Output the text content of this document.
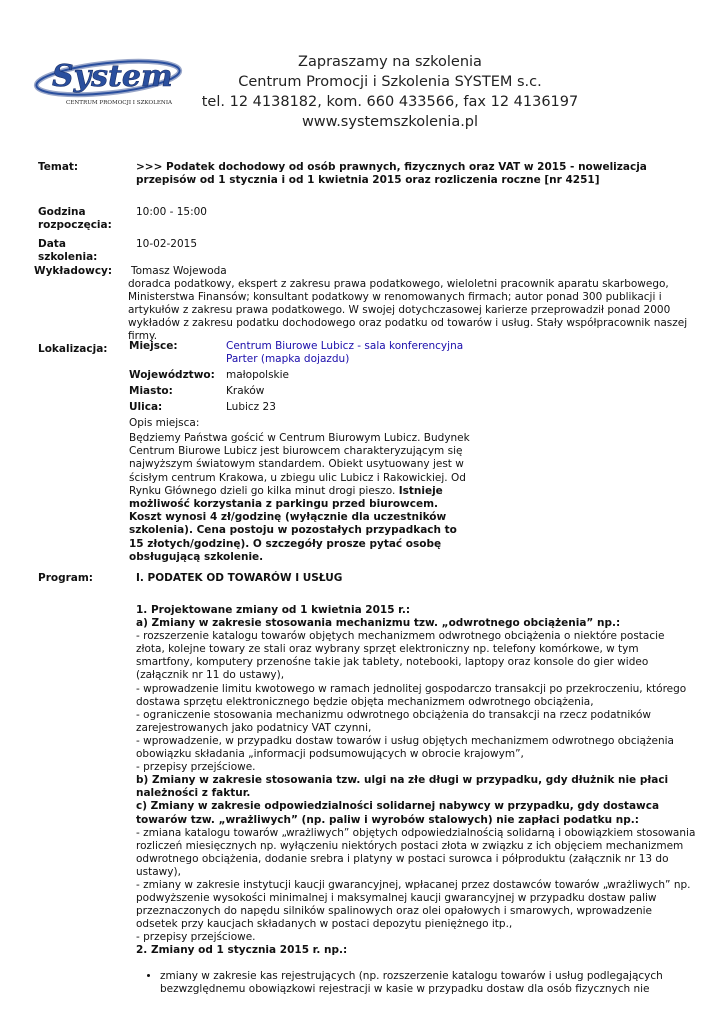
System
CENTRUM PROMOCJI I SZKOLENIA
Zapraszamy na szkolenia
Centrum Promocji i Szkolenia SYSTEM s.c.
tel. 12 4138182, kom. 660 433566, fax 12 4136197
www.systemszkolenia.pl
Temat:	>>> Podatek dochodowy od osób prawnych, fizycznych oraz VAT w 2015 - nowelizacja przepisów od 1 stycznia i od 1 kwietnia 2015 oraz rozliczenia roczne [nr 4251]
Godzina
rozpoczęcia:
10:00 - 15:00
Data
szkolenia:
10-02-2015
Wykładowcy: Tomasz Wojewoda
doradca podatkowy, ekspert z zakresu prawa podatkowego, wieloletni pracownik aparatu skarbowego, Ministerstwa Finansów; konsultant podatkowy w renomowanych firmach; autor ponad 300 publikacji i artykułów z zakresu prawa podatkowego. W swojej dotychczasowej karierze przeprowadził ponad 2000 wykładów z zakresu podatku dochodowego oraz podatku od towarów i usług. Stały współpracownik naszej firmy.
Lokalizacja: Miejsce:	Centrum Biurowe Lubicz - sala konferencyjna
Parter (mapka dojazdu)
Województwo: małopolskie
Miasto:	Kraków
Ulica:	Lubicz 23
Opis miejsca:
Będziemy Państwa gościć w Centrum Biurowym Lubicz. Budynek Centrum Biurowe Lubicz jest biurowcem charakteryzującym się najwyższym światowym standardem. Obiekt usytuowany jest w ścisłym centrum Krakowa, u zbiegu ulic Lubicz i Rakowickiej. Od Rynku Głównego dzieli go kilka minut drogi pieszo. Istnieje możliwość korzystania z parkingu przed biurowcem. Koszt wynosi 4 zł/godzinę (wyłącznie dla uczestników szkolenia). Cena postoju w pozostałych przypadkach to 15 złotych/godzinę). O szczegóły prosze pytać osobę obsługującą szkolenie.
Program:	I. PODATEK OD TOWARÓW I USŁUG

1. Projektowane zmiany od 1 kwietnia 2015 r.:

a) Zmiany w zakresie stosowania mechanizmu tzw. „odwrotnego obciążenia” np.:

- rozszerzenie katalogu towarów objętych mechanizmem odwrotnego obciążenia o niektóre postacie złota, kolejne towary ze stali oraz wybrany sprzęt elektroniczny np. telefony komórkowe, w tym smartfony, komputery przenośne takie jak tablety, notebooki, laptopy oraz konsole do gier wideo (załącznik nr 11 do ustawy),

- wprowadzenie limitu kwotowego w ramach jednolitej gospodarczo transakcji po przekroczeniu, którego dostawa sprzętu elektronicznego będzie objęta mechanizmem odwrotnego obciążenia,

- ograniczenie stosowania mechanizmu odwrotnego obciążenia do transakcji na rzecz podatników zarejestrowanych jako podatnicy VAT czynni,

- wprowadzenie, w przypadku dostaw towarów i usług objętych mechanizmem odwrotnego obciążenia obowiązku składania „informacji podsumowujących w obrocie krajowym”,

- przepisy przejściowe.

b) Zmiany w zakresie stosowania tzw. ulgi na złe długi w przypadku, gdy dłużnik nie płaci należności z faktur.

c) Zmiany w zakresie odpowiedzialności solidarnej nabywcy w przypadku, gdy dostawca towarów tzw. „wrażliwych” (np. paliw i wyrobów stalowych) nie zapłaci podatku np.:

- zmiana katalogu towarów „wrażliwych” objętych odpowiedzialnością solidarną i obowiązkiem stosowania rozliczeń miesięcznych np. wyłączeniu niektórych postaci złota w związku z ich objęciem mechanizmem odwrotnego obciążenia, dodanie srebra i platyny w postaci surowca i półproduktu (załącznik nr 13 do ustawy),

- zmiany w zakresie instytucji kaucji gwarancyjnej, wpłacanej przez dostawców towarów „wrażliwych” np. podwyższenie wysokości minimalnej i maksymalnej kaucji gwarancyjnej w przypadku dostaw paliw przeznaczonych do napędu silników spalinowych oraz olei opałowych i smarowych, wprowadzenie odsetek przy kaucjach składanych w postaci depozytu pieniężnego itp.,

- przepisy przejściowe.

2. Zmiany od 1 stycznia 2015 r. np.:

• zmiany w zakresie kas rejestrujących (np. rozszerzenie katalogu towarów i usług podlegających bezwzględnemu obowiązkowi rejestracji w kasie w przypadku dostaw dla osób fizycznych nie
